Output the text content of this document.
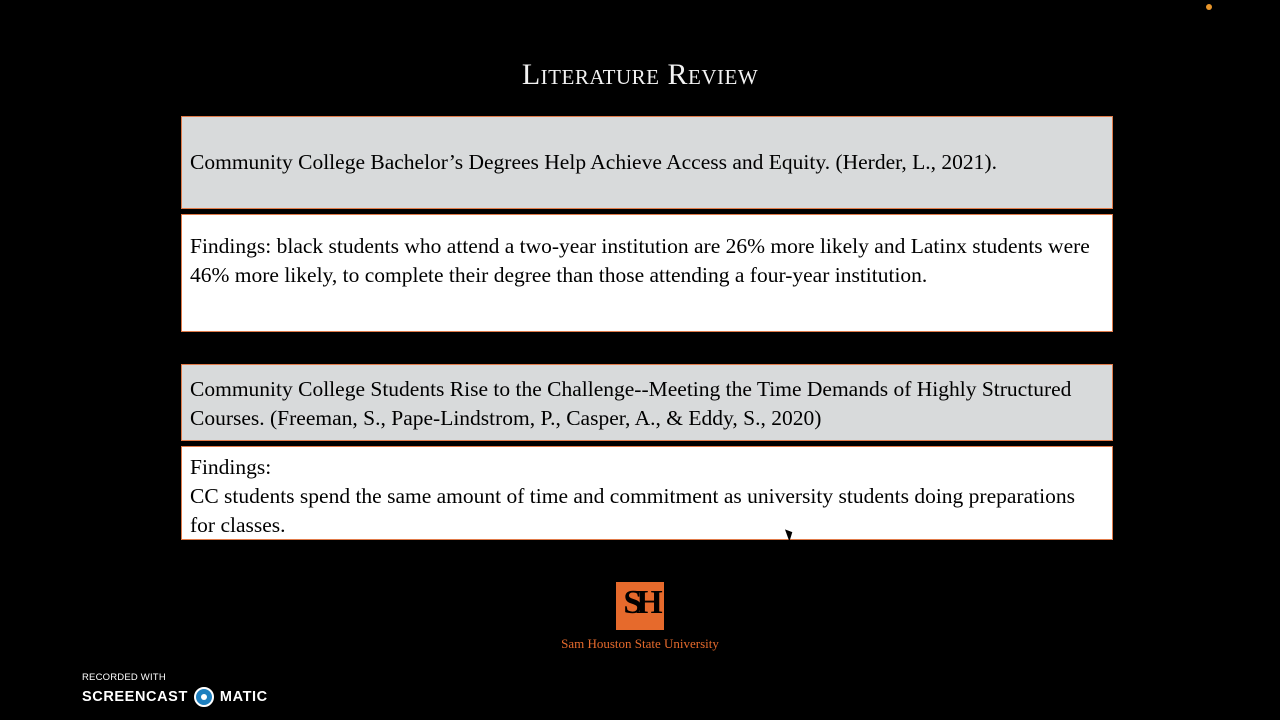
Literature Review

Community College Bachelor’s Degrees Help Achieve Access and Equity. (Herder, L., 2021).

Findings: black students who attend a two-year institution are 26% more likely and Latinx students were 46% more likely, to complete their degree than those attending a four-year institution.

Community College Students Rise to the Challenge--Meeting the Time Demands of Highly Structured Courses. (Freeman, S., Pape-Lindstrom, P., Casper, A., & Eddy, S., 2020)

Findings:

CC students spend the same amount of time and commitment as university students doing preparations for classes.

SH
Sam Houston State University
RECORDED WITH
SCREENCAST MATIC
